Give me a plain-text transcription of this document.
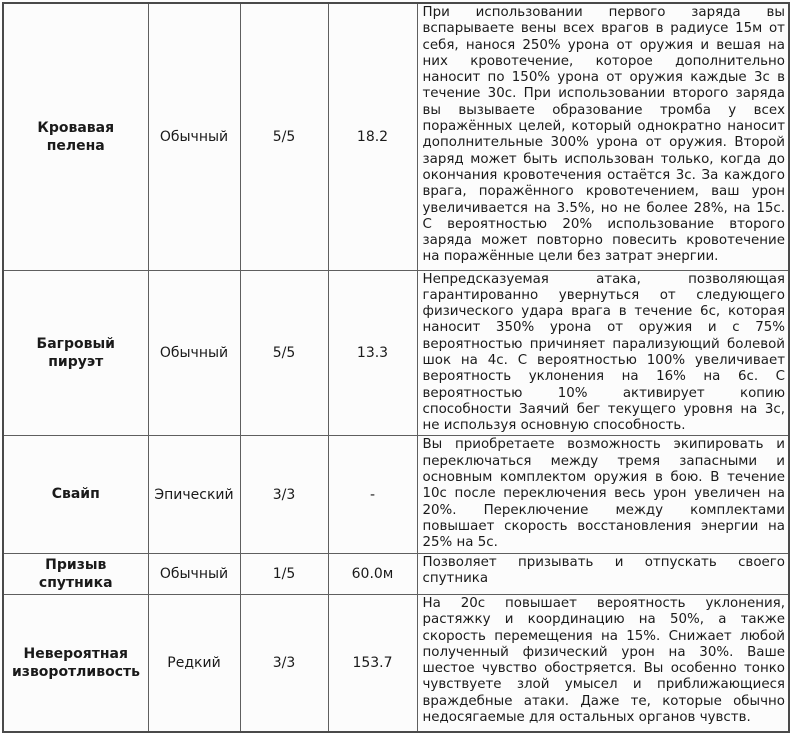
Кровавая пелена	Обычный	5/5	18.2	При использовании первого заряда вы вспарываете вены всех врагов в радиусе 15м от себя, нанося 250% урона от оружия и вешая на них кровотечение, которое дополнительно наносит по 150% урона от оружия каждые 3с в течение 30с. При использовании второго заряда вы вызываете образование тромба у всех поражённых целей, который однократно наносит дополнительные 300% урона от оружия. Второй заряд может быть использован только, когда до окончания кровотечения остаётся 3с. За каждого врага, поражённого кровотечением, ваш урон увеличивается на 3.5%, но не более 28%, на 15с. С вероятностью 20% использование второго заряда может повторно повесить кровотечение на поражённые цели без затрат энергии.
Багровый пируэт	Обычный	5/5	13.3	Непредсказуемая атака, позволяющая гарантированно увернуться от следующего физического удара врага в течение 6с, которая наносит 350% урона от оружия и с 75% вероятностью причиняет парализующий болевой шок на 4с. С вероятностью 100% увеличивает вероятность уклонения на 16% на 6с. С вероятностью 10% активирует копию способности Заячий бег текущего уровня на 3с, не используя основную способность.
Свайп	Эпический	3/3	-	Вы приобретаете возможность экипировать и переключаться между тремя запасными и основным комплектом оружия в бою. В течение 10с после переключения весь урон увеличен на 20%. Переключение между комплектами повышает скорость восстановления энергии на 25% на 5с.
Призыв спутника	Обычный	1/5	60.0м	Позволяет призывать и отпускать своего спутника
Невероятная изворотливость	Редкий	3/3	153.7	На 20с повышает вероятность уклонения, растяжку и координацию на 50%, а также скорость перемещения на 15%. Снижает любой полученный физический урон на 30%. Ваше шестое чувство обостряется. Вы особенно тонко чувствуете злой умысел и приближающиеся враждебные атаки. Даже те, которые обычно недосягаемые для остальных органов чувств.
